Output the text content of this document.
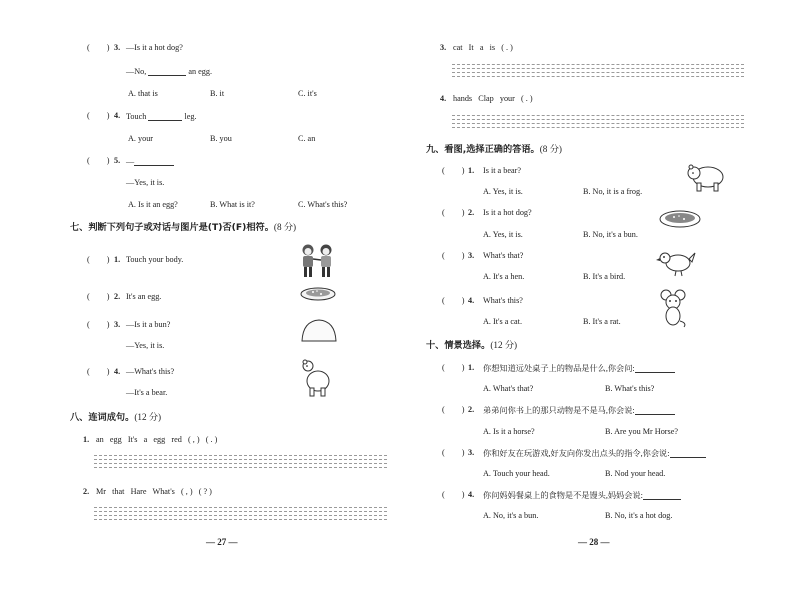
( ) 3. —Is it a hot dog?
—No,	an egg.
A. that is	B. it	C. it's
( ) 4. Touch	leg.
A. your	B. you	C. an
( ) 5. —
—Yes, it is.
A. Is it an egg?	B. What is it?	C. What's this?
七、判断下列句子或对话与图片是(T)否(F)相符。(8 分)
( ) 1. Touch your body.
( ) 2. It's an egg.
( ) 3. —Is it a bun?
—Yes, it is.
( ) 4. —What's this?
—It's a bear.
八、连词成句。(12 分)
1. an   egg   It's   a   egg   red   ( , )   ( . )
2. Mr   that   Hare   What's   ( , )   ( ? )
— 27 —
3. cat   It   a   is   ( . )
4. hands   Clap   your   ( . )
九、看图,选择正确的答语。(8 分)
( ) 1. Is it a bear?
A. Yes, it is.	B. No, it is a frog.
( ) 2. Is it a hot dog?
A. Yes, it is.	B. No, it's a bun.
( ) 3. What's that?
A. It's a hen.	B. It's a bird.
( ) 4. What's this?
A. It's a cat.	B. It's a rat.
十、情景选择。(12 分)
( ) 1. 你想知道远处桌子上的物品是什么,你会问:
A. What's that?	B. What's this?
( ) 2. 弟弟问你书上的那只动物是不是马,你会说:
A. Is it a horse?	B. Are you Mr Horse?
( ) 3. 你和好友在玩游戏,好友向你发出点头的指令,你会说:
A. Touch your head.	B. Nod your head.
( ) 4. 你问妈妈餐桌上的食物是不是馒头,妈妈会说:
A. No, it's a bun.	B. No, it's a hot dog.
— 28 —
